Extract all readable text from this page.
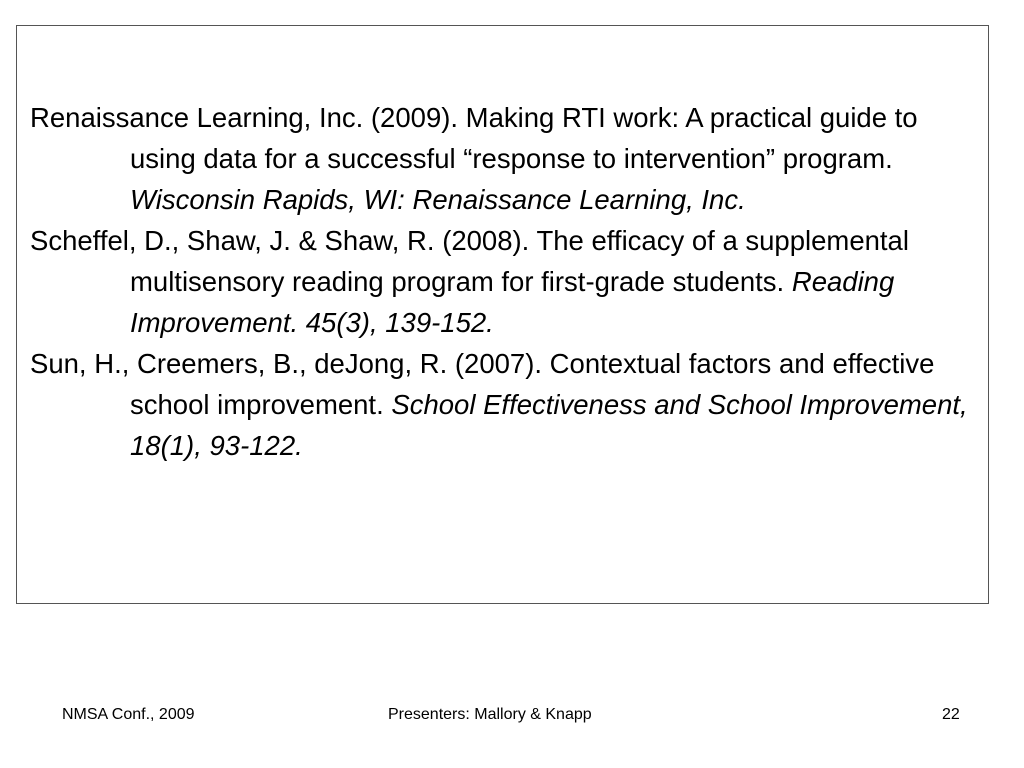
Renaissance Learning, Inc. (2009). Making RTI work: A practical guide to using data for a successful “response to intervention” program. Wisconsin Rapids, WI: Renaissance Learning, Inc.

Scheffel, D., Shaw, J. & Shaw, R. (2008). The efficacy of a supplemental multisensory reading program for first-grade students. Reading Improvement. 45(3), 139-152.

Sun, H., Creemers, B., deJong, R. (2007). Contextual factors and effective school improvement. School Effectiveness and School Improvement, 18(1), 93-122.

NMSA Conf., 2009	Presenters: Mallory & Knapp	22
